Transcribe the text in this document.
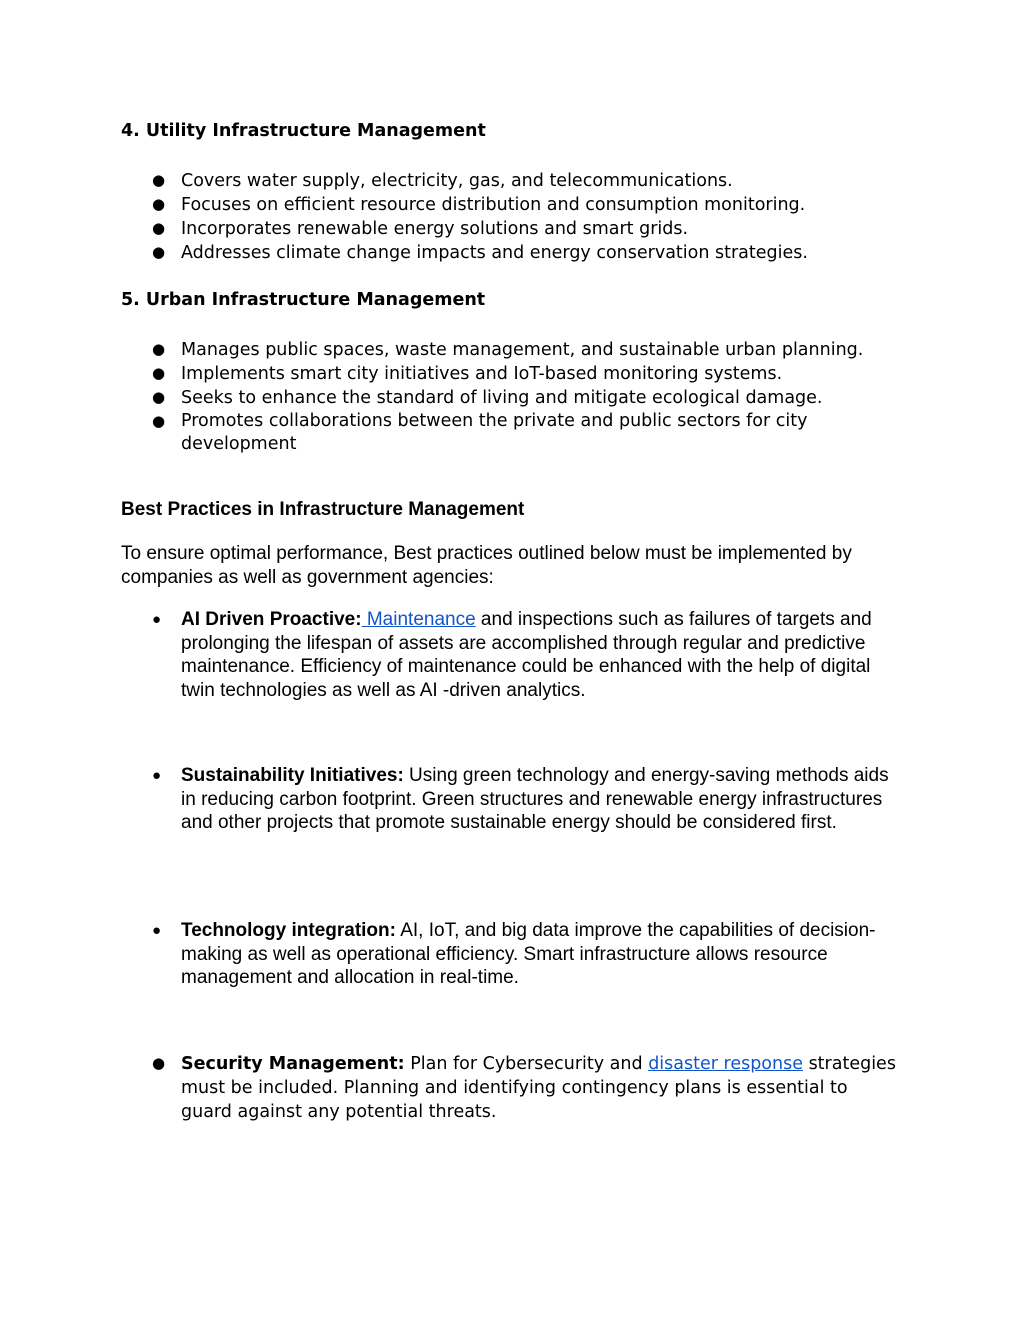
4. Utility Infrastructure Management
● Covers water supply, electricity, gas, and telecommunications.
● Focuses on efficient resource distribution and consumption monitoring.
● Incorporates renewable energy solutions and smart grids.
● Addresses climate change impacts and energy conservation strategies.
5. Urban Infrastructure Management
● Manages public spaces, waste management, and sustainable urban planning.
● Implements smart city initiatives and IoT-based monitoring systems.
● Seeks to enhance the standard of living and mitigate ecological damage.
● Promotes collaborations between the private and public sectors for city development
Best Practices in Infrastructure Management

To ensure optimal performance, Best practices outlined below must be implemented by companies as well as government agencies:

● AI Driven Proactive: Maintenance and inspections such as failures of targets and prolonging the lifespan of assets are accomplished through regular and predictive maintenance. Efficiency of maintenance could be enhanced with the help of digital twin technologies as well as AI -driven analytics.
● Sustainability Initiatives: Using green technology and energy-saving methods aids in reducing carbon footprint. Green structures and renewable energy infrastructures and other projects that promote sustainable energy should be considered first.
● Technology integration: AI, IoT, and big data improve the capabilities of decision-making as well as operational efficiency. Smart infrastructure allows resource management and allocation in real-time.
● Security Management: Plan for Cybersecurity and disaster response strategies must be included. Planning and identifying contingency plans is essential to guard against any potential threats.
